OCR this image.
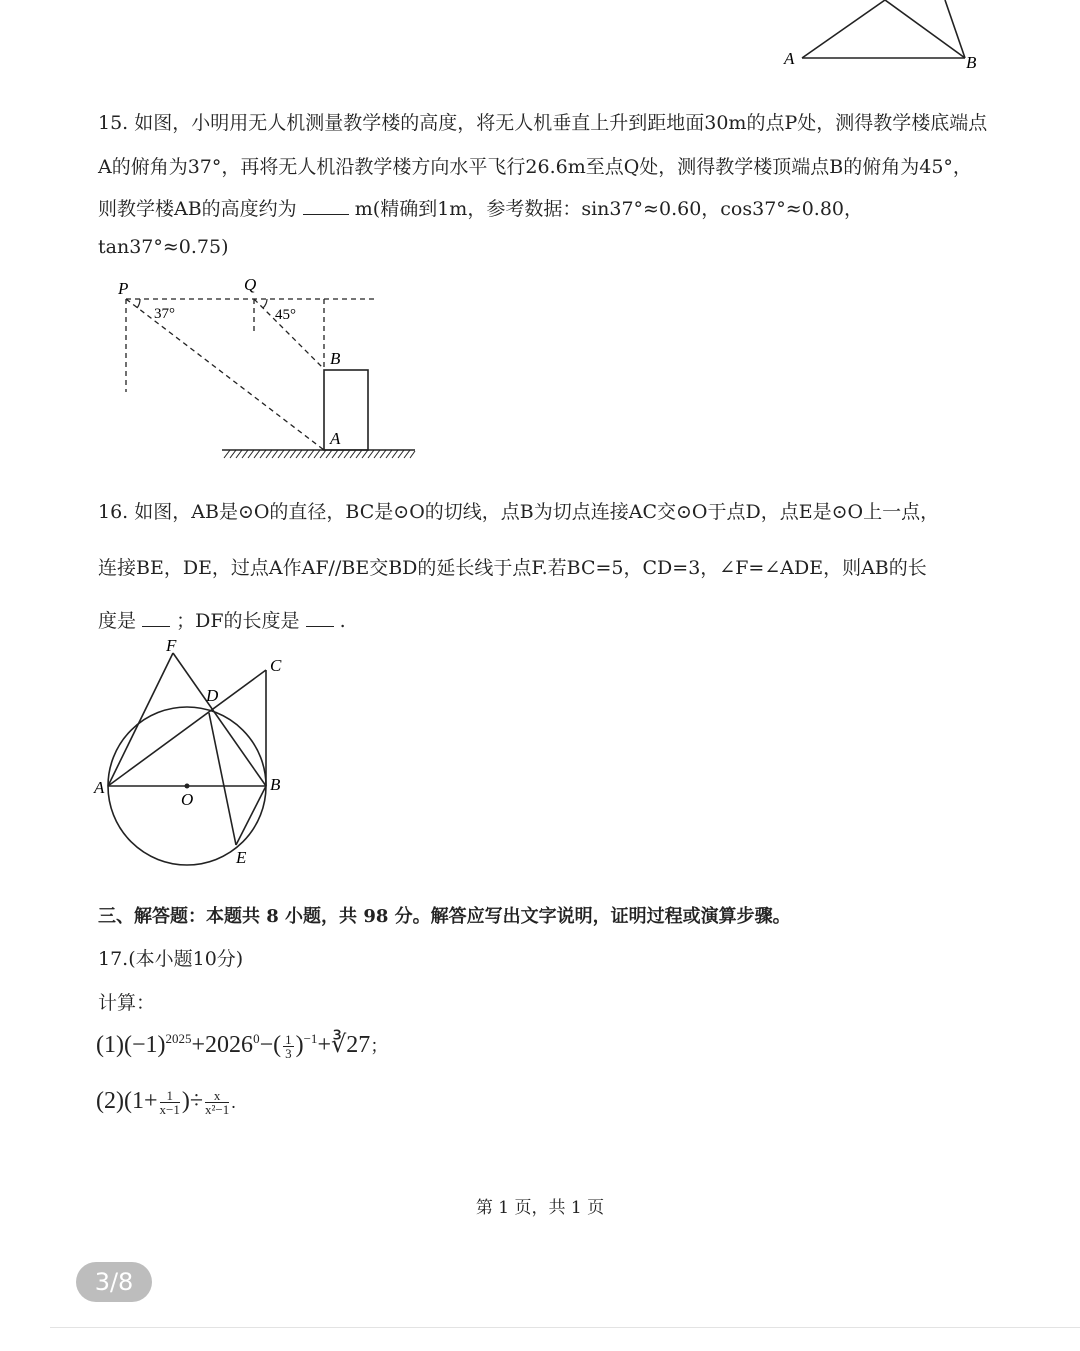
A	B
15. 如图，小明用无人机测量教学楼的高度，将无人机垂直上升到距地面30m的点P处，测得教学楼底端点
A的俯角为37°，再将无人机沿教学楼方向水平飞行26.6m至点Q处，测得教学楼顶端点B的俯角为45°，
则教学楼AB的高度约为	m(精确到1m，参考数据：sin37°≈0.60，cos37°≈0.80，
tan37°≈0.75)
P	Q
B
A
37°	45°
16. 如图，AB是⊙O的直径，BC是⊙O的切线，点B为切点连接AC交⊙O于点D，点E是⊙O上一点，
连接BE，DE，过点A作AF//BE交BD的延长线于点F.若BC=5，CD=3，∠F=∠ADE，则AB的长
度是 ；DF的长度是 .
F
C
D
A
O
B
E
三、解答题：本题共 8 小题，共 98 分。解答应写出文字说明，证明过程或演算步骤。
17.(本小题10分)
计算：
$(1)(-1)^{2025}+2026^0-( \frac{1}{3}$ )$^{-1}+∛27$；
$(2)(1+ \frac{1}{x-1}$ )÷ $\frac{x}{\text{x²−1}}$ .
第 1 页，共 1 页
3/8
